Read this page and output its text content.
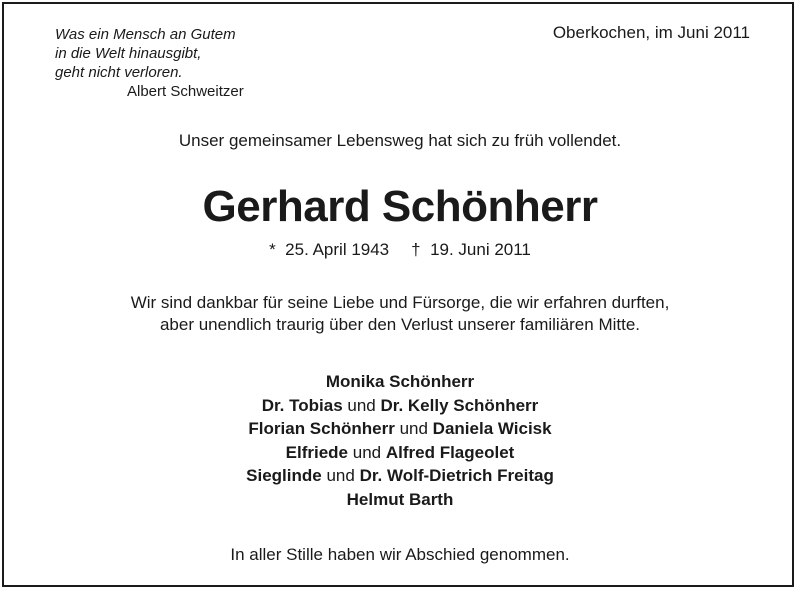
Was ein Mensch an Gutem
in die Welt hinausgibt,
geht nicht verloren.
Albert Schweitzer
Oberkochen, im Juni 2011
Unser gemeinsamer Lebensweg hat sich zu früh vollendet.
Gerhard Schönherr
* 25. April 1943 † 19. Juni 2011
Wir sind dankbar für seine Liebe und Fürsorge, die wir erfahren durften,
aber unendlich traurig über den Verlust unserer familiären Mitte.
Monika Schönherr
Dr. Tobias und Dr. Kelly Schönherr
Florian Schönherr und Daniela Wicisk
Elfriede und Alfred Flageolet
Sieglinde und Dr. Wolf-Dietrich Freitag
Helmut Barth
In aller Stille haben wir Abschied genommen.
